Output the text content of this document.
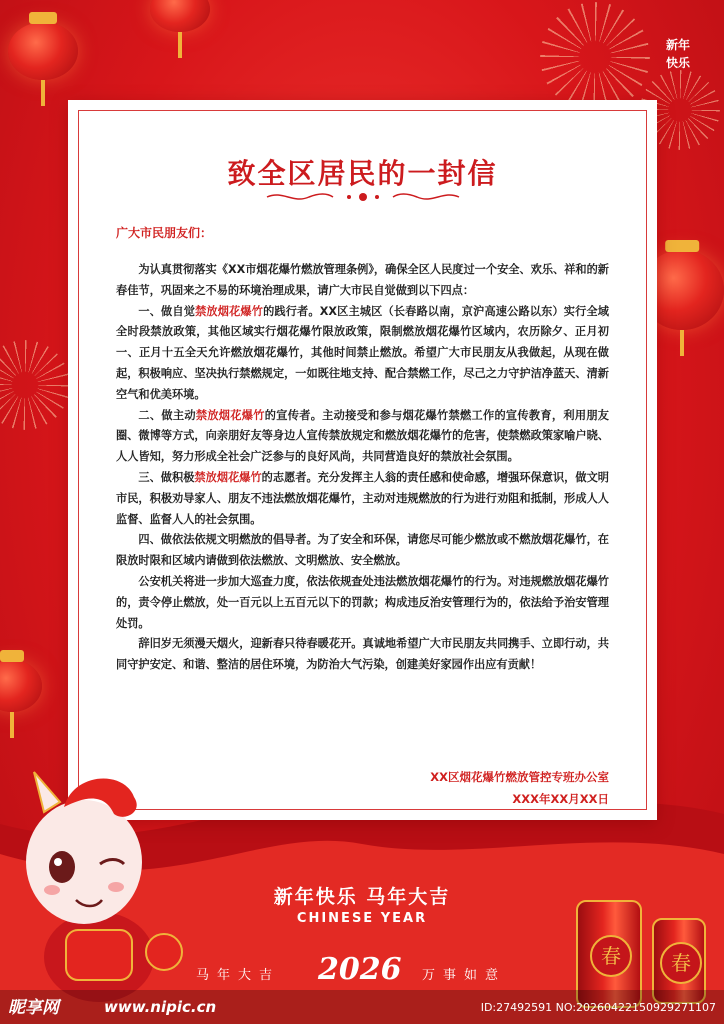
新年
快乐
致全区居民的一封信
广大市民朋友们：

为认真贯彻落实《XX市烟花爆竹燃放管理条例》，确保全区人民度过一个安全、欢乐、祥和的新春佳节，巩固来之不易的环境治理成果，请广大市民自觉做到以下四点：

一、做自觉禁放烟花爆竹的践行者。XX区主城区（长春路以南，京沪高速公路以东）实行全域全时段禁放政策，其他区域实行烟花爆竹限放政策，限制燃放烟花爆竹区域内，农历除夕、正月初一、正月十五全天允许燃放烟花爆竹，其他时间禁止燃放。希望广大市民朋友从我做起，从现在做起，积极响应、坚决执行禁燃规定，一如既往地支持、配合禁燃工作，尽己之力守护洁净蓝天、清新空气和优美环境。

二、做主动禁放烟花爆竹的宣传者。主动接受和参与烟花爆竹禁燃工作的宣传教育，利用朋友圈、微博等方式，向亲朋好友等身边人宣传禁放规定和燃放烟花爆竹的危害，使禁燃政策家喻户晓、人人皆知，努力形成全社会广泛参与的良好风尚，共同营造良好的禁放社会氛围。

三、做积极禁放烟花爆竹的志愿者。充分发挥主人翁的责任感和使命感，增强环保意识，做文明市民，积极劝导家人、朋友不违法燃放烟花爆竹，主动对违规燃放的行为进行劝阻和抵制，形成人人监督、监督人人的社会氛围。

四、做依法依规文明燃放的倡导者。为了安全和环保，请您尽可能少燃放或不燃放烟花爆竹，在限放时限和区域内请做到依法燃放、文明燃放、安全燃放。

公安机关将进一步加大巡查力度，依法依规查处违法燃放烟花爆竹的行为。对违规燃放烟花爆竹的，责令停止燃放，处一百元以上五百元以下的罚款；构成违反治安管理行为的，依法给予治安管理处罚。

辞旧岁无须漫天烟火，迎新春只待春暖花开。真诚地希望广大市民朋友共同携手、立即行动，共同守护安定、和谐、整洁的居住环境，为防治大气污染，创建美好家园作出应有贡献！

XX区烟花爆竹燃放管控专班办公室
XXX年XX月XX日
春	春
新年快乐 马年大吉
CHINESE YEAR
马年大吉 2026 万事如意
昵享网	www.nipic.cn	ID:27492591 NO:20260422150929271107
